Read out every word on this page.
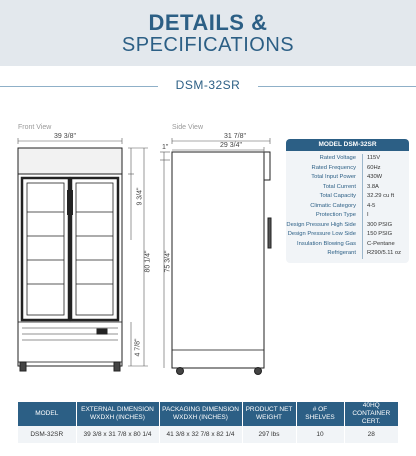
DETAILS &
SPECIFICATIONS
DSM-32SR
Front View	Side View
39 3/8"
9 3/4"
80 1/4"
4 7/8"
31 7/8"
29 3/4"
1"
75 3/4"
MODEL DSM-32SR
Rated Voltage	115V
Rated Frequency	60Hz
Total Input Power	430W
Total Current	3.8A
Total Capacity	32.29 cu ft
Climatic Category	4-5
Protection Type	I
Design Pressure High Side	300 PSIG
Design Pressure Low Side	150 PSIG
Insulation Blowing Gas	C-Pentane
Refrigerant	R290/5.11 oz
MODEL	EXTERNAL DIMENSION WXDXH (INCHES)	PACKAGING DIMENSION WXDXH (INCHES)	PRODUCT NET WEIGHT	# OF SHELVES	40HQ CONTAINER CERT.
DSM-32SR	39 3/8 x 31 7/8 x 80 1/4	41 3/8 x 32 7/8 x 82 1/4	297 lbs	10	28
